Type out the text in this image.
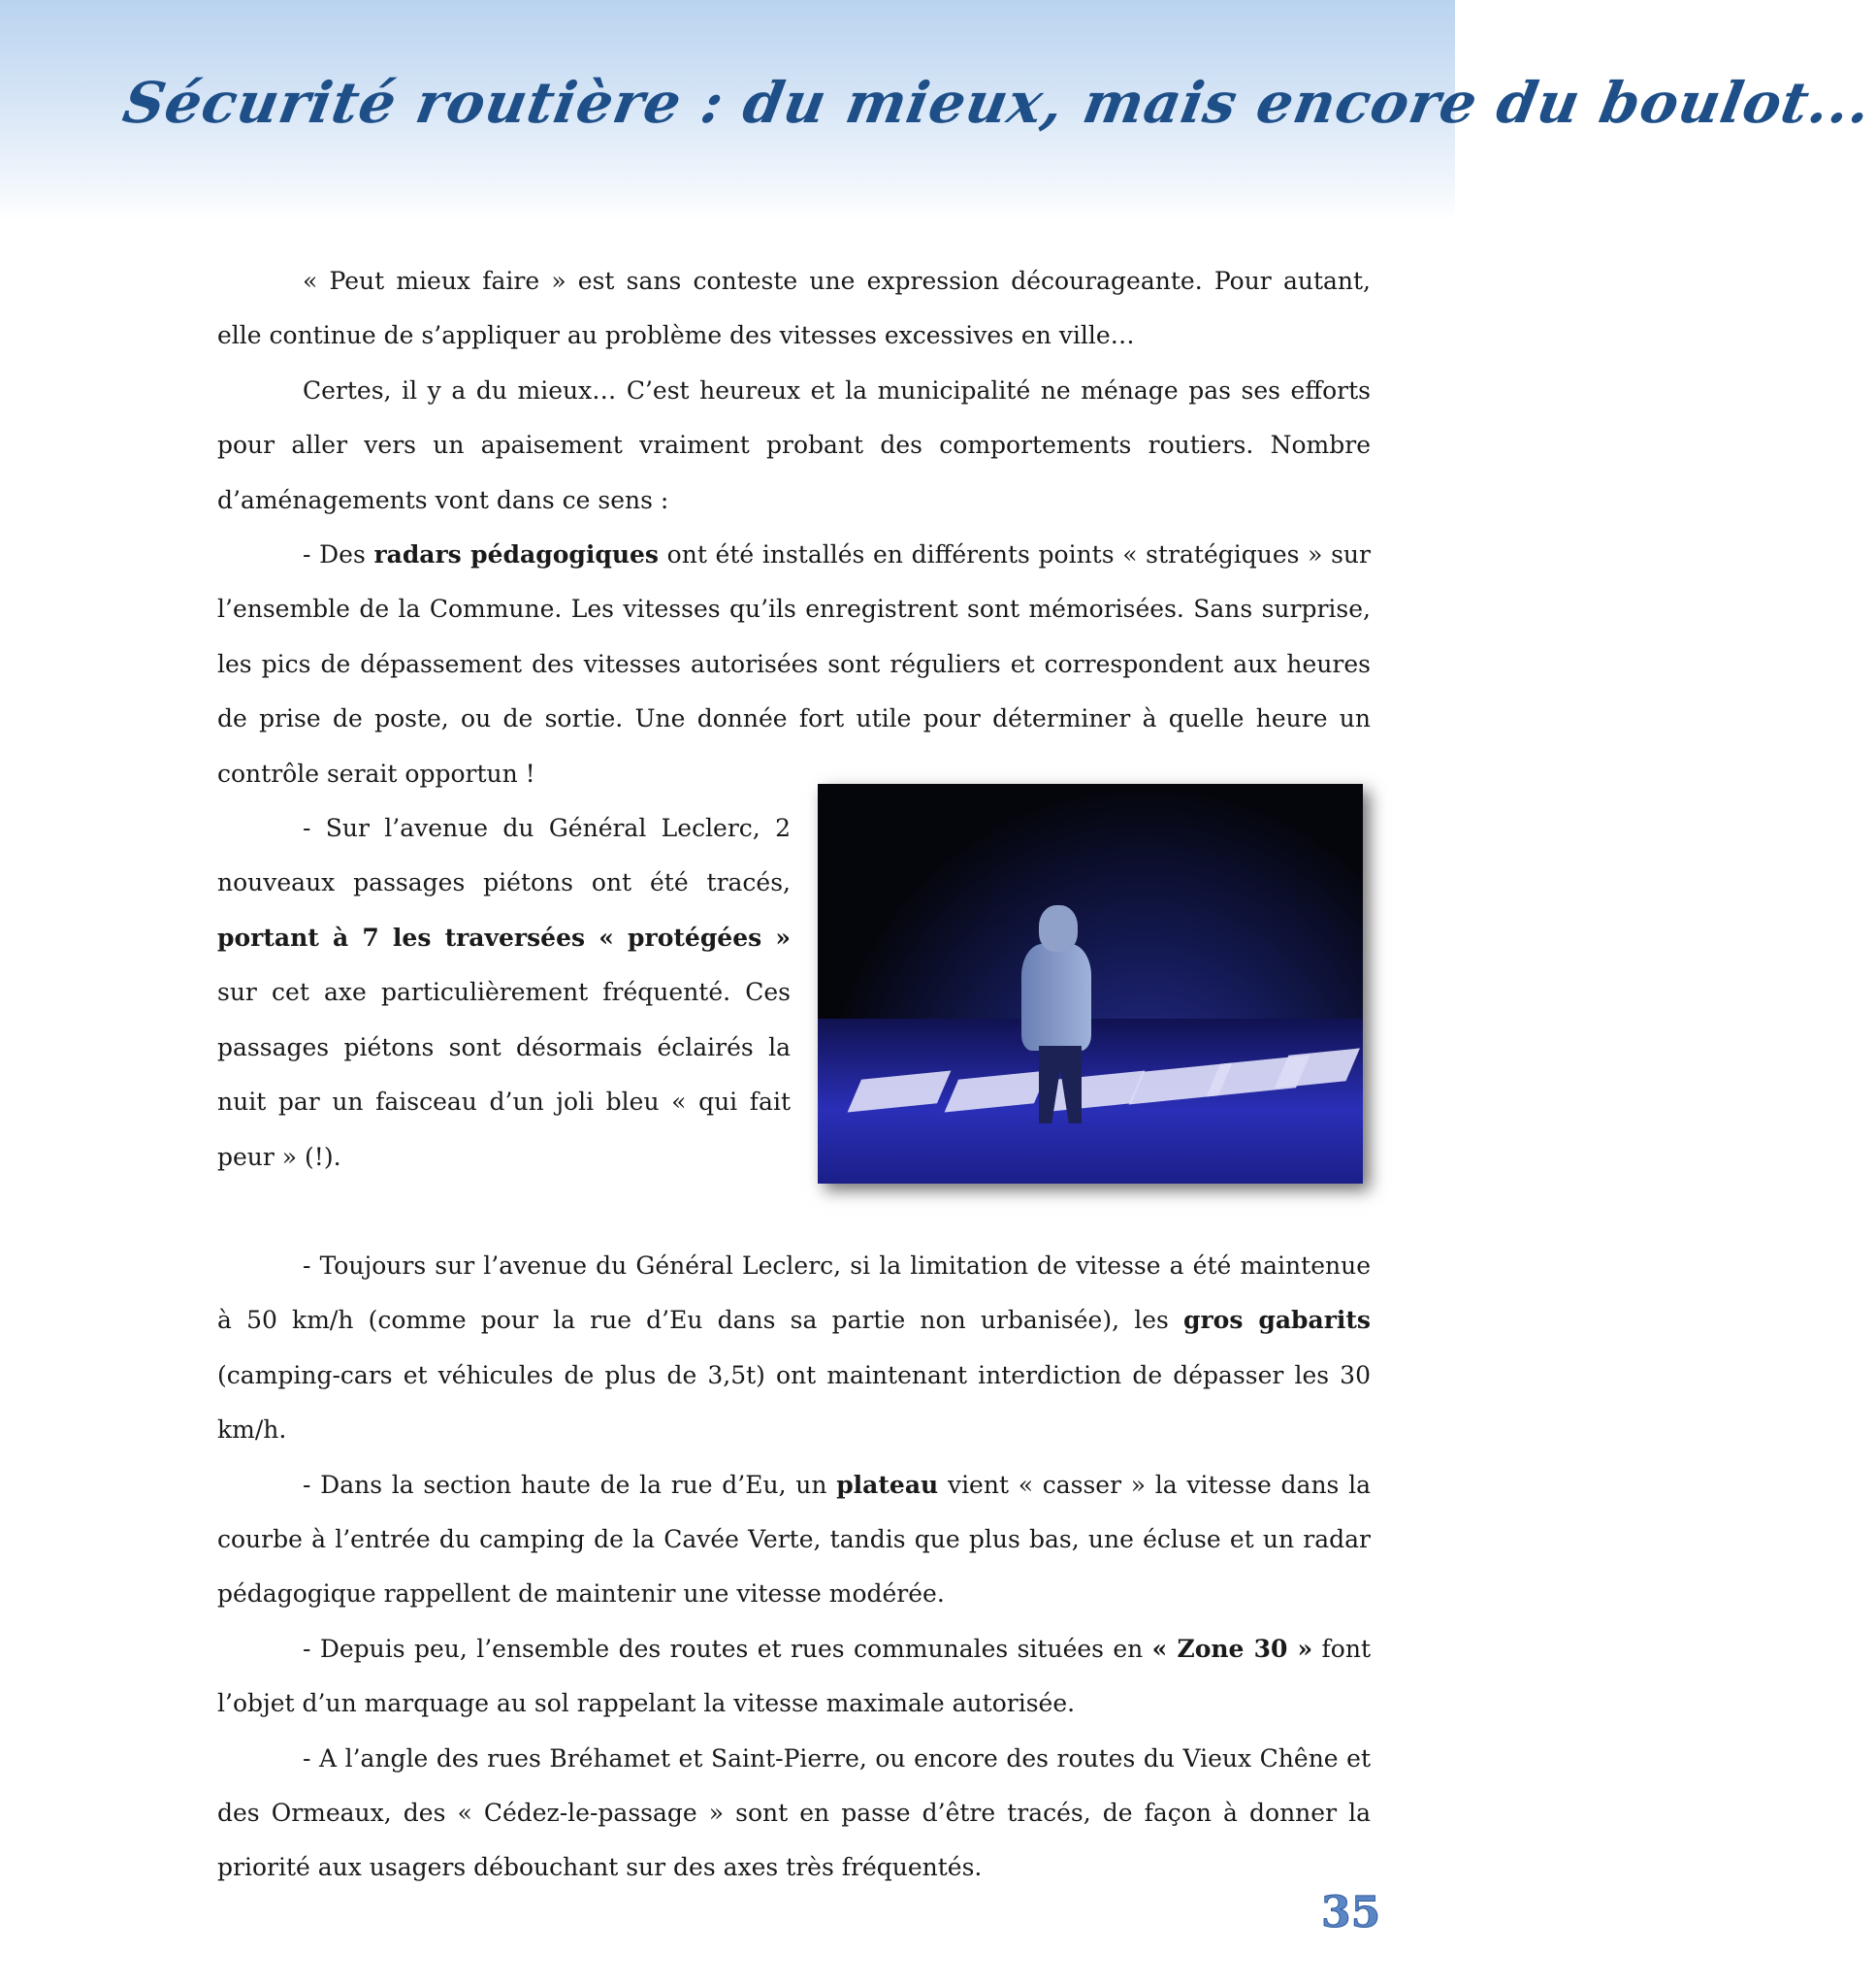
Sécurité routière : du mieux, mais encore du boulot...

« Peut mieux faire » est sans conteste une expression décourageante. Pour autant, elle continue de s’appliquer au problème des vitesses excessives en ville…

Certes, il y a du mieux… C’est heureux et la municipalité ne ménage pas ses efforts pour aller vers un apaisement vraiment probant des comportements routiers. Nombre d’aménagements vont dans ce sens :

- Des radars pédagogiques ont été installés en différents points « stratégiques » sur l’ensemble de la Commune. Les vitesses qu’ils enregistrent sont mémorisées. Sans surprise, les pics de dépassement des vitesses autorisées sont réguliers et correspondent aux heures de prise de poste, ou de sortie. Une donnée fort utile pour déterminer à quelle heure un contrôle serait opportun !

- Sur l’avenue du Général Leclerc, 2 nouveaux passages piétons ont été tracés, portant à 7 les traversées « protégées » sur cet axe particulièrement fréquenté. Ces passages piétons sont désormais éclairés la nuit par un faisceau d’un joli bleu « qui fait peur » (!).

- Toujours sur l’avenue du Général Leclerc, si la limitation de vitesse a été maintenue à 50 km/h (comme pour la rue d’Eu dans sa partie non urbanisée), les gros gabarits (camping-cars et véhicules de plus de 3,5t) ont maintenant interdiction de dépasser les 30 km/h.

- Dans la section haute de la rue d’Eu, un plateau vient « casser » la vitesse dans la courbe à l’entrée du camping de la Cavée Verte, tandis que plus bas, une écluse et un radar pédagogique rappellent de maintenir une vitesse modérée.

- Depuis peu, l’ensemble des routes et rues communales situées en « Zone 30 » font l’objet d’un marquage au sol rappelant la vitesse maximale autorisée.

- A l’angle des rues Bréhamet et Saint-Pierre, ou encore des routes du Vieux Chêne et des Ormeaux, des « Cédez-le-passage » sont en passe d’être tracés, de façon à donner la priorité aux usagers débouchant sur des axes très fréquentés.

35
